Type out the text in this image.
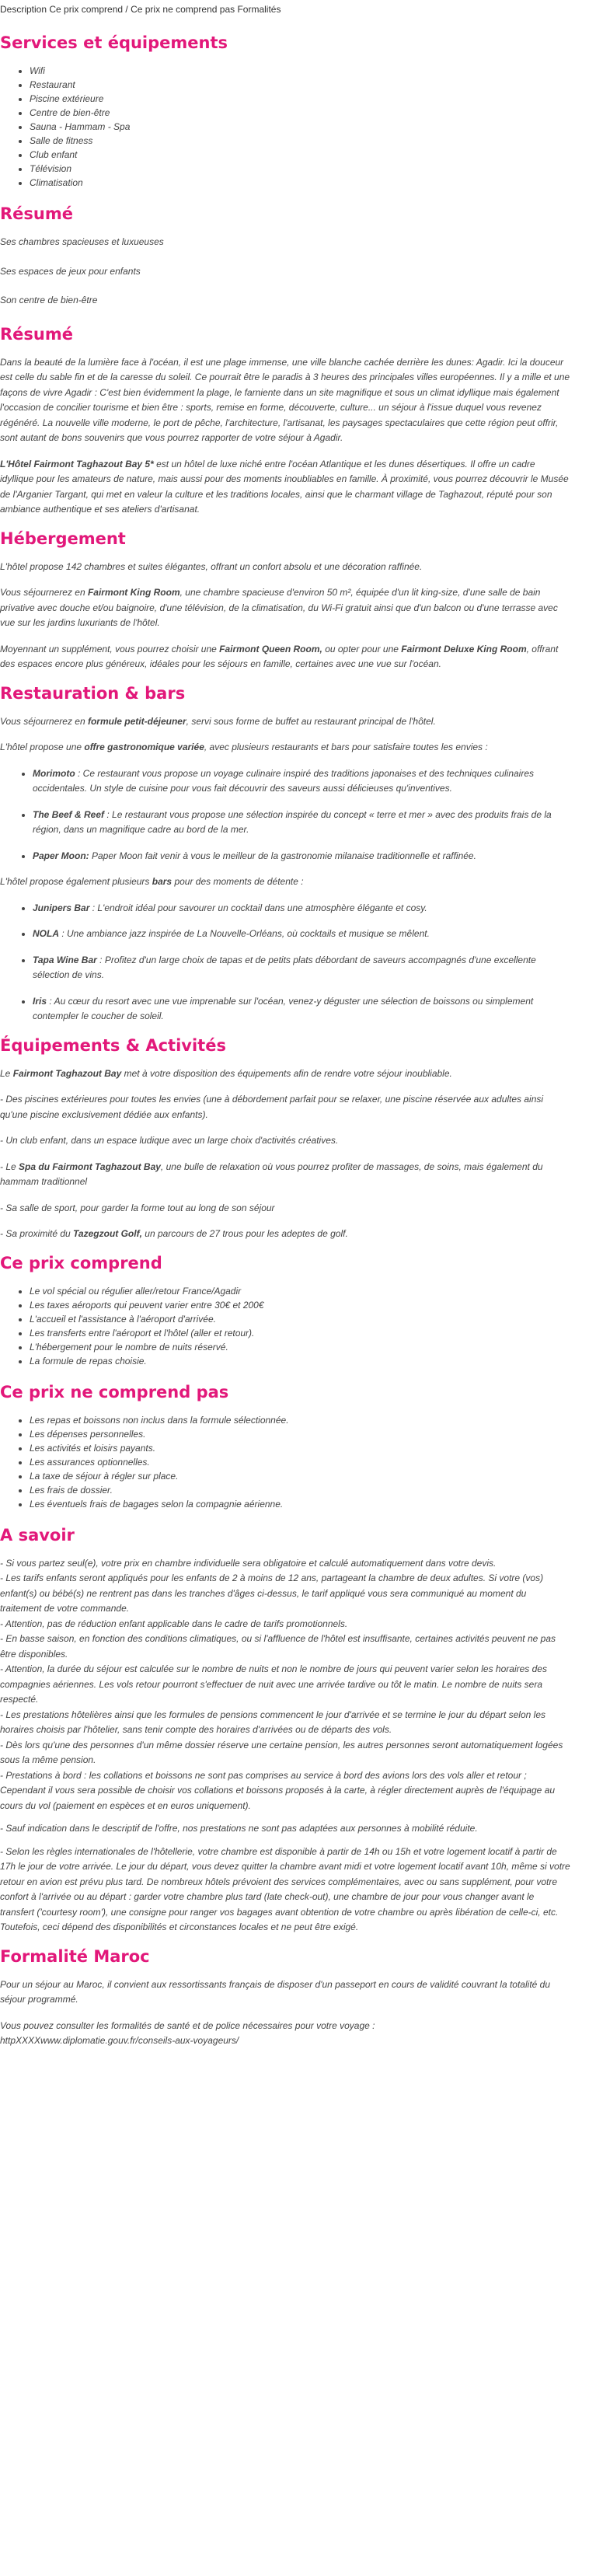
Description Ce prix comprend / Ce prix ne comprend pas Formalités
Services et équipements
• Wifi
• Restaurant
• Piscine extérieure
• Centre de bien-être
• Sauna - Hammam - Spa
• Salle de fitness
• Club enfant
• Télévision
• Climatisation
Résumé

Ses chambres spacieuses et luxueuses

Ses espaces de jeux pour enfants

Son centre de bien-être

Résumé

Dans la beauté de la lumière face à l'océan, il est une plage immense, une ville blanche cachée derrière les dunes: Agadir. Ici la douceur est celle du sable fin et de la caresse du soleil. Ce pourrait être le paradis à 3 heures des principales villes européennes. Il y a mille et une façons de vivre Agadir : C'est bien évidemment la plage, le farniente dans un site magnifique et sous un climat idyllique mais également l'occasion de concilier tourisme et bien être : sports, remise en forme, découverte, culture... un séjour à l'issue duquel vous revenez régénéré. La nouvelle ville moderne, le port de pêche, l'architecture, l'artisanat, les paysages spectaculaires que cette région peut offrir, sont autant de bons souvenirs que vous pourrez rapporter de votre séjour à Agadir.

L'Hôtel Fairmont Taghazout Bay 5* est un hôtel de luxe niché entre l'océan Atlantique et les dunes désertiques. Il offre un cadre idyllique pour les amateurs de nature, mais aussi pour des moments inoubliables en famille. À proximité, vous pourrez découvrir le Musée de l'Arganier Targant, qui met en valeur la culture et les traditions locales, ainsi que le charmant village de Taghazout, réputé pour son ambiance authentique et ses ateliers d'artisanat.

Hébergement

L'hôtel propose 142 chambres et suites élégantes, offrant un confort absolu et une décoration raffinée.

Vous séjournerez en Fairmont King Room, une chambre spacieuse d'environ 50 m², équipée d'un lit king-size, d'une salle de bain privative avec douche et/ou baignoire, d'une télévision, de la climatisation, du Wi-Fi gratuit ainsi que d'un balcon ou d'une terrasse avec vue sur les jardins luxuriants de l'hôtel.

Moyennant un supplément, vous pourrez choisir une Fairmont Queen Room, ou opter pour une Fairmont Deluxe King Room, offrant des espaces encore plus généreux, idéales pour les séjours en famille, certaines avec une vue sur l'océan.

Restauration & bars

Vous séjournerez en formule petit-déjeuner, servi sous forme de buffet au restaurant principal de l'hôtel.

L'hôtel propose une offre gastronomique variée, avec plusieurs restaurants et bars pour satisfaire toutes les envies :

• Morimoto : Ce restaurant vous propose un voyage culinaire inspiré des traditions japonaises et des techniques culinaires occidentales. Un style de cuisine pour vous fait découvrir des saveurs aussi délicieuses qu'inventives.
• The Beef & Reef : Le restaurant vous propose une sélection inspirée du concept « terre et mer » avec des produits frais de la région, dans un magnifique cadre au bord de la mer.
• Paper Moon: Paper Moon fait venir à vous le meilleur de la gastronomie milanaise traditionnelle et raffinée.

L'hôtel propose également plusieurs bars pour des moments de détente :

• Junipers Bar : L'endroit idéal pour savourer un cocktail dans une atmosphère élégante et cosy.
• NOLA : Une ambiance jazz inspirée de La Nouvelle-Orléans, où cocktails et musique se mêlent.
• Tapa Wine Bar : Profitez d'un large choix de tapas et de petits plats débordant de saveurs accompagnés d'une excellente sélection de vins.
• Iris : Au cœur du resort avec une vue imprenable sur l'océan, venez-y déguster une sélection de boissons ou simplement contempler le coucher de soleil.
Équipements & Activités

Le Fairmont Taghazout Bay met à votre disposition des équipements afin de rendre votre séjour inoubliable.

- Des piscines extérieures pour toutes les envies (une à débordement parfait pour se relaxer, une piscine réservée aux adultes ainsi qu'une piscine exclusivement dédiée aux enfants).

- Un club enfant, dans un espace ludique avec un large choix d'activités créatives.

- Le Spa du Fairmont Taghazout Bay, une bulle de relaxation où vous pourrez profiter de massages, de soins, mais également du hammam traditionnel

- Sa salle de sport, pour garder la forme tout au long de son séjour

- Sa proximité du Tazegzout Golf, un parcours de 27 trous pour les adeptes de golf.

Ce prix comprend
• Le vol spécial ou régulier aller/retour France/Agadir
• Les taxes aéroports qui peuvent varier entre 30€ et 200€
• L'accueil et l'assistance à l'aéroport d'arrivée.
• Les transferts entre l'aéroport et l'hôtel (aller et retour).
• L'hébergement pour le nombre de nuits réservé.
• La formule de repas choisie.
Ce prix ne comprend pas
• Les repas et boissons non inclus dans la formule sélectionnée.
• Les dépenses personnelles.
• Les activités et loisirs payants.
• Les assurances optionnelles.
• La taxe de séjour à régler sur place.
• Les frais de dossier.
• Les éventuels frais de bagages selon la compagnie aérienne.
A savoir

- Si vous partez seul(e), votre prix en chambre individuelle sera obligatoire et calculé automatiquement dans votre devis.

- Les tarifs enfants seront appliqués pour les enfants de 2 à moins de 12 ans, partageant la chambre de deux adultes. Si votre (vos) enfant(s) ou bébé(s) ne rentrent pas dans les tranches d'âges ci-dessus, le tarif appliqué vous sera communiqué au moment du traitement de votre commande.

- Attention, pas de réduction enfant applicable dans le cadre de tarifs promotionnels.

- En basse saison, en fonction des conditions climatiques, ou si l'affluence de l'hôtel est insuffisante, certaines activités peuvent ne pas être disponibles.

- Attention, la durée du séjour est calculée sur le nombre de nuits et non le nombre de jours qui peuvent varier selon les horaires des compagnies aériennes. Les vols retour pourront s'effectuer de nuit avec une arrivée tardive ou tôt le matin. Le nombre de nuits sera respecté.

- Les prestations hôtelières ainsi que les formules de pensions commencent le jour d'arrivée et se termine le jour du départ selon les horaires choisis par l'hôtelier, sans tenir compte des horaires d'arrivées ou de départs des vols.

- Dès lors qu'une des personnes d'un même dossier réserve une certaine pension, les autres personnes seront automatiquement logées sous la même pension.

- Prestations à bord : les collations et boissons ne sont pas comprises au service à bord des avions lors des vols aller et retour ; Cependant il vous sera possible de choisir vos collations et boissons proposés à la carte, à régler directement auprès de l'équipage au cours du vol (paiement en espèces et en euros uniquement).

- Sauf indication dans le descriptif de l'offre, nos prestations ne sont pas adaptées aux personnes à mobilité réduite.

- Selon les règles internationales de l'hôtellerie, votre chambre est disponible à partir de 14h ou 15h et votre logement locatif à partir de 17h le jour de votre arrivée. Le jour du départ, vous devez quitter la chambre avant midi et votre logement locatif avant 10h, même si votre retour en avion est prévu plus tard. De nombreux hôtels prévoient des services complémentaires, avec ou sans supplément, pour votre confort à l'arrivée ou au départ : garder votre chambre plus tard (late check-out), une chambre de jour pour vous changer avant le transfert ('courtesy room'), une consigne pour ranger vos bagages avant obtention de votre chambre ou après libération de celle-ci, etc. Toutefois, ceci dépend des disponibilités et circonstances locales et ne peut être exigé.

Formalité Maroc

Pour un séjour au Maroc, il convient aux ressortissants français de disposer d'un passeport en cours de validité couvrant la totalité du séjour programmé.

Vous pouvez consulter les formalités de santé et de police nécessaires pour votre voyage :

httpXXXXwww.diplomatie.gouv.fr/conseils-aux-voyageurs/
